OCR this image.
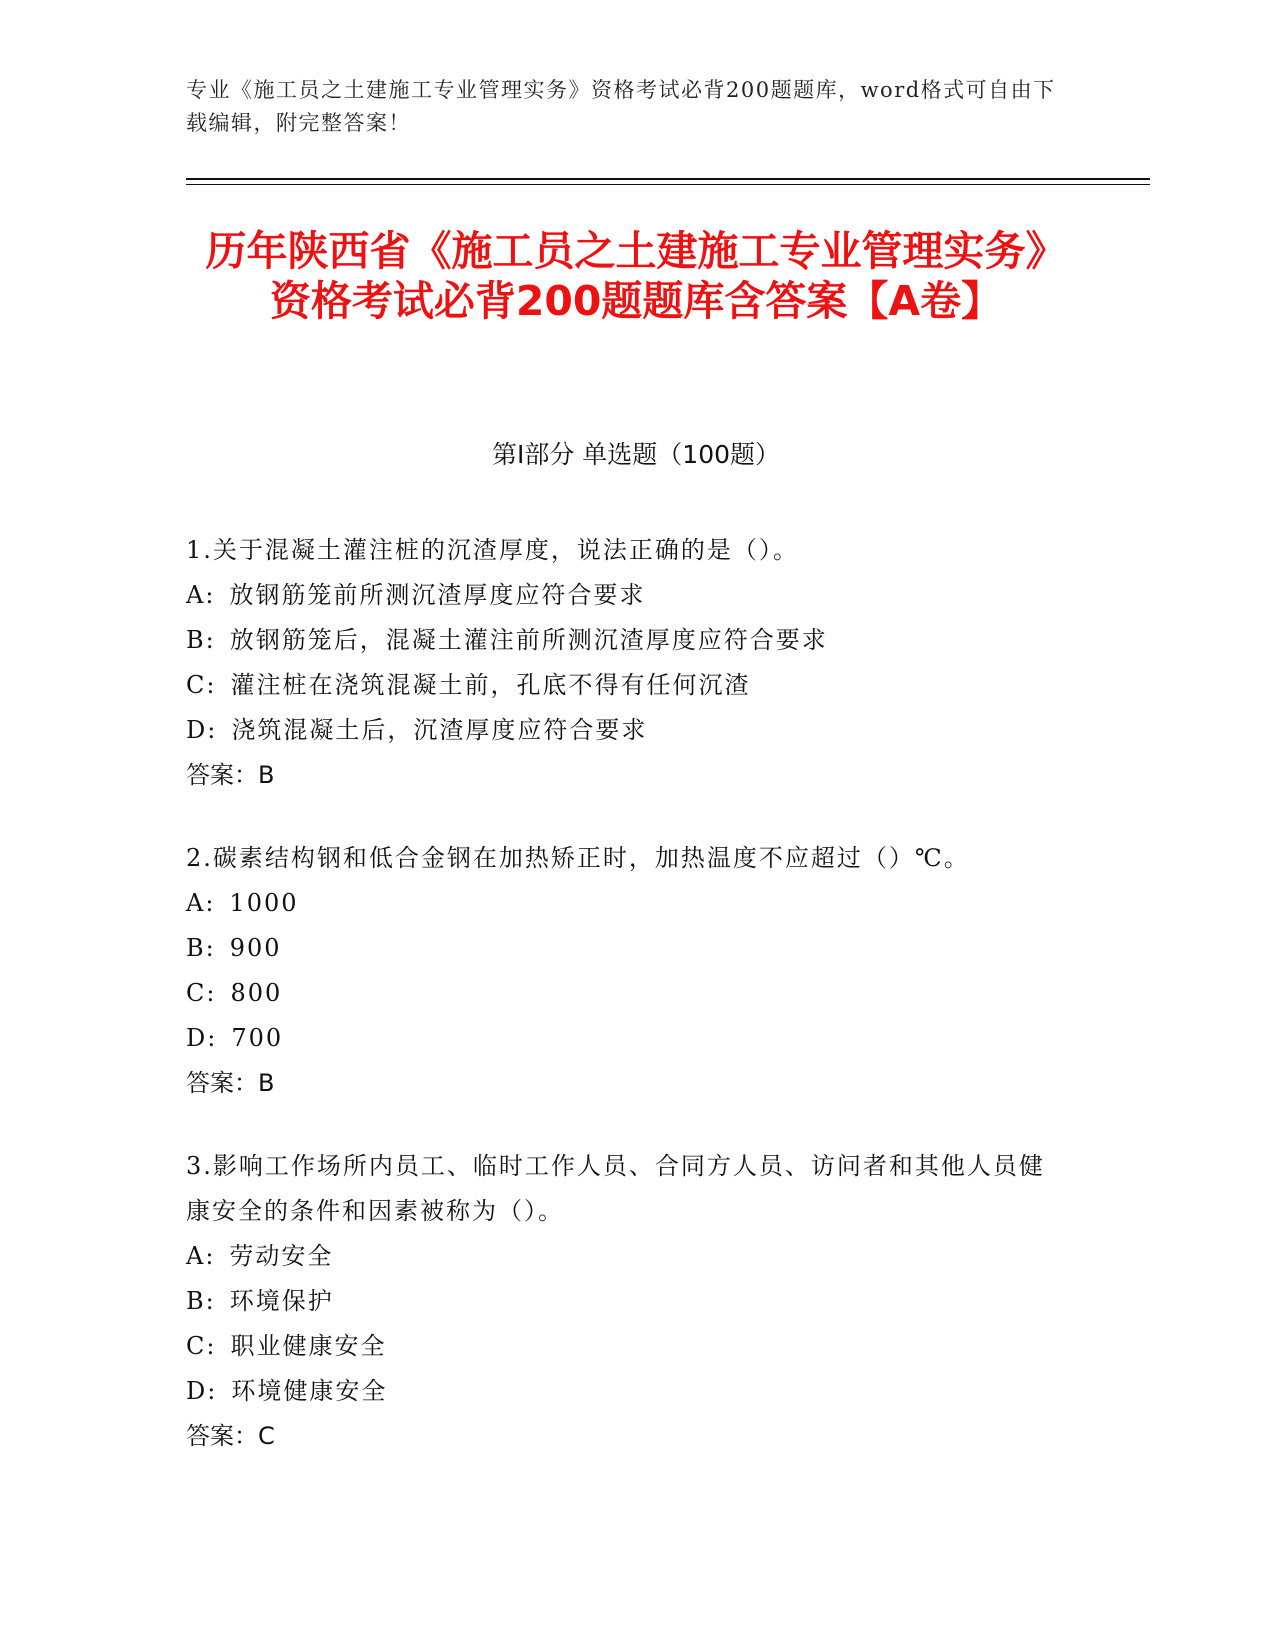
专业《施工员之土建施工专业管理实务》资格考试必背200题题库，word格式可自由下载编辑，附完整答案！
历年陕西省《施工员之土建施工专业管理实务》资格考试必背200题题库含答案【A卷】
第I部分 单选题（100题）
1.关于混凝土灌注桩的沉渣厚度，说法正确的是（）。
A: 放钢筋笼前所测沉渣厚度应符合要求
B: 放钢筋笼后，混凝土灌注前所测沉渣厚度应符合要求
C: 灌注桩在浇筑混凝土前，孔底不得有任何沉渣
D: 浇筑混凝土后，沉渣厚度应符合要求
答案：B
2.碳素结构钢和低合金钢在加热矫正时，加热温度不应超过（）℃。
A: 1000
B: 900
C: 800
D: 700
答案：B
3.影响工作场所内员工、临时工作人员、合同方人员、访问者和其他人员健康安全的条件和因素被称为（）。
A: 劳动安全
B: 环境保护
C: 职业健康安全
D: 环境健康安全
答案：C
